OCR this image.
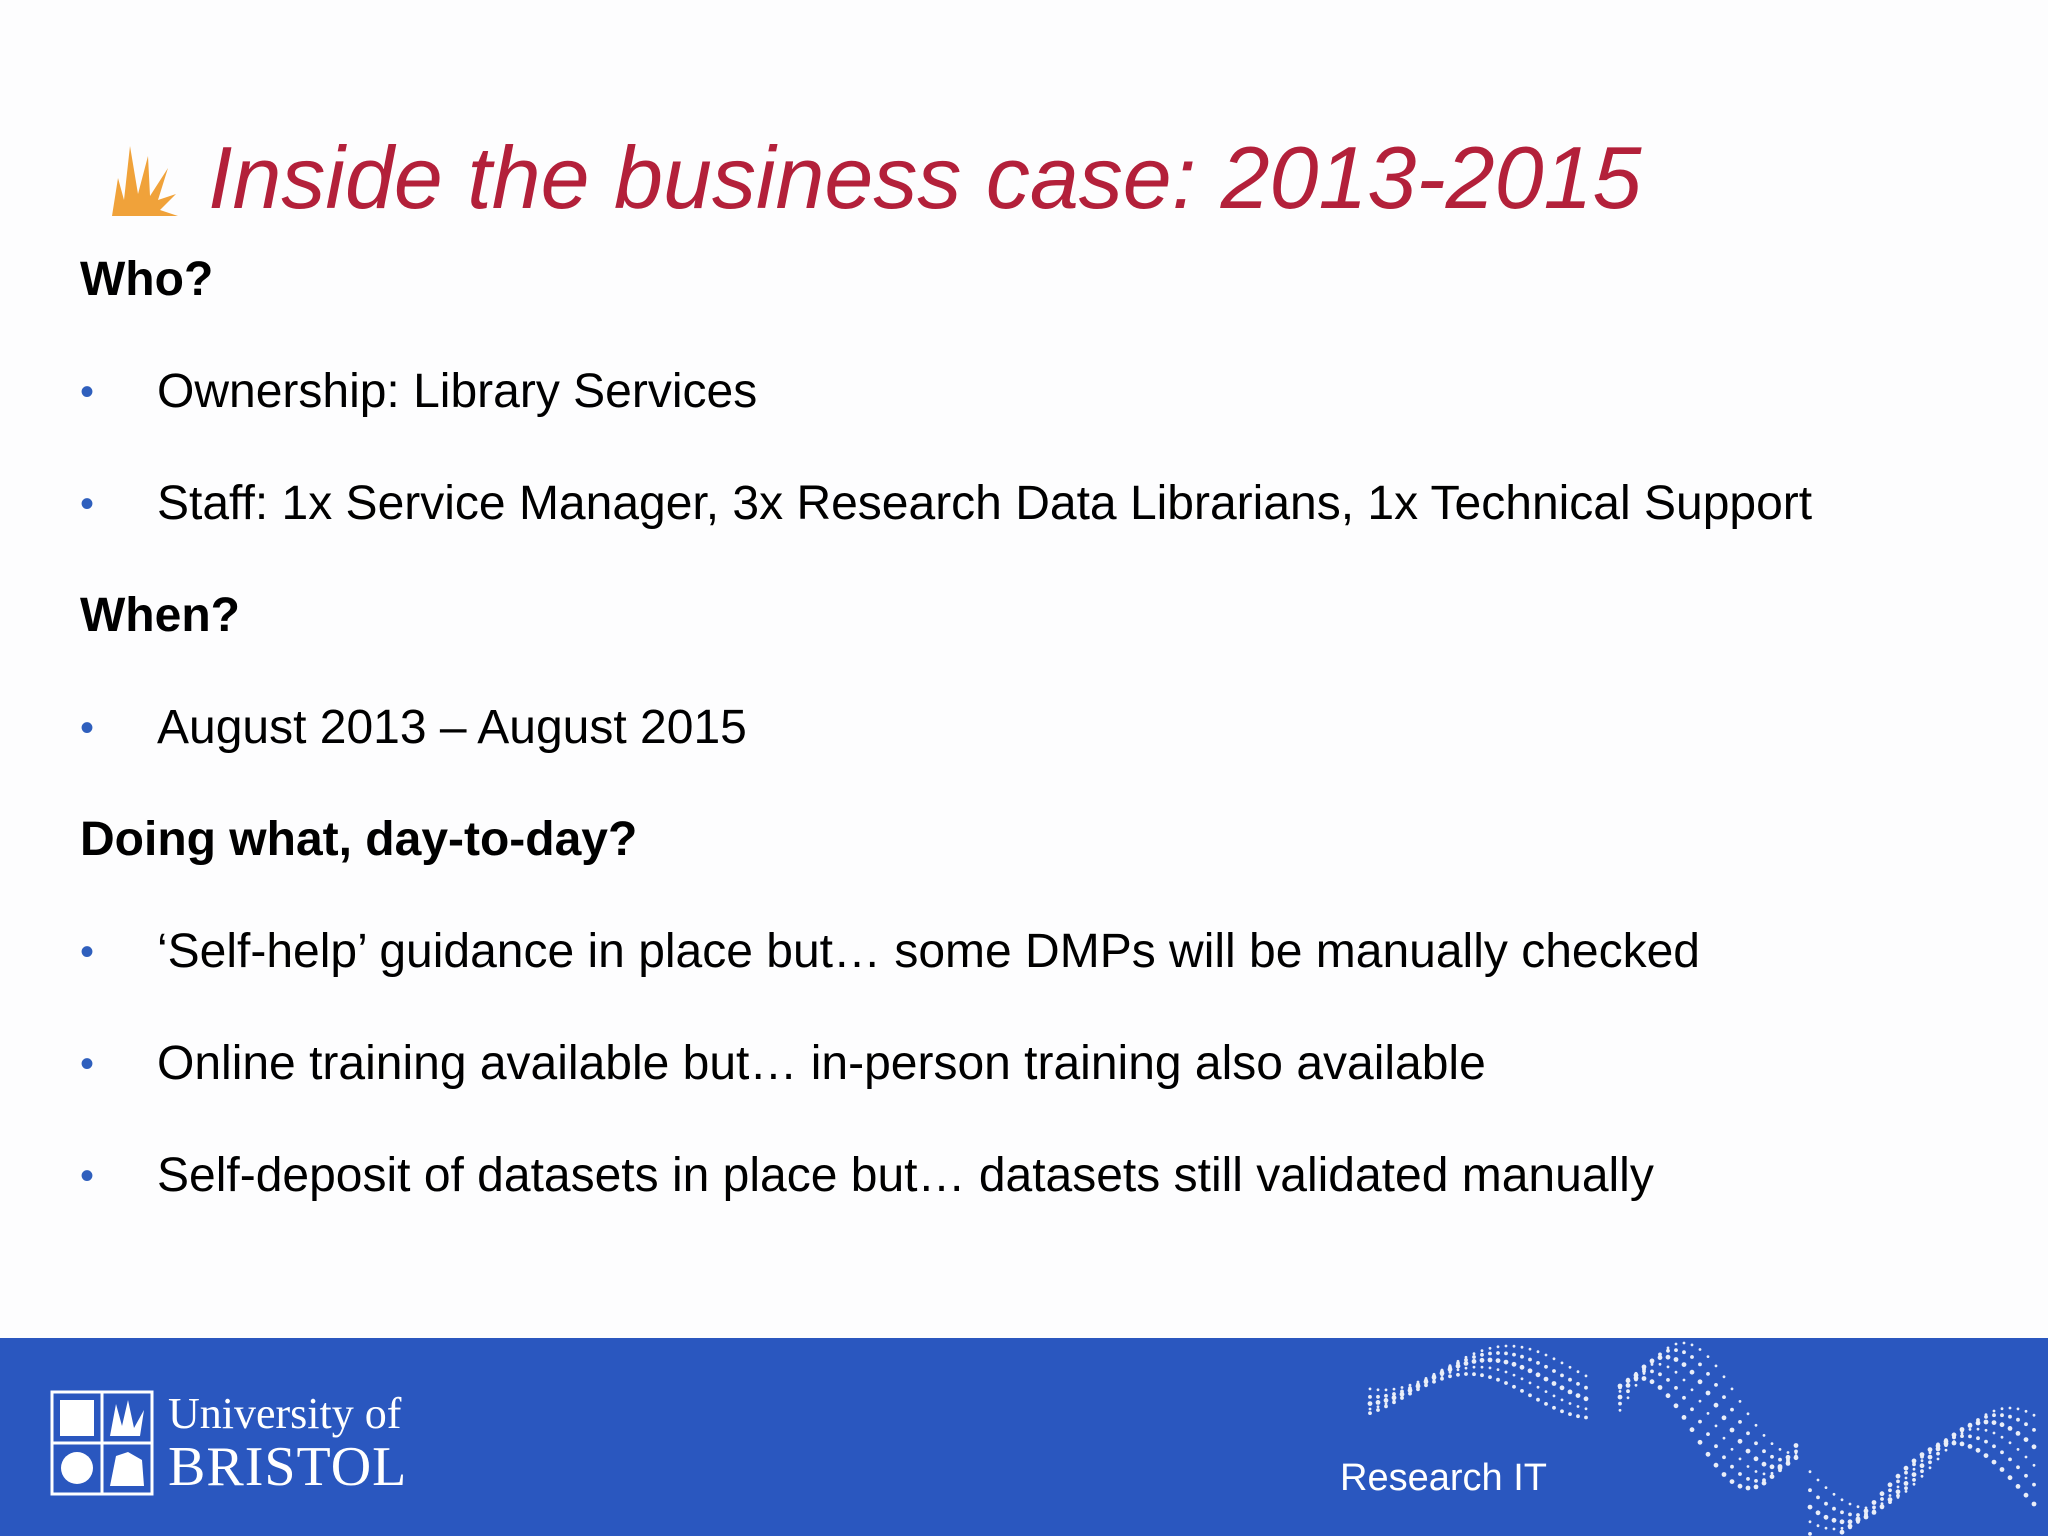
Inside the business case: 2013-2015
Who?
• Ownership: Library Services
• Staff: 1x Service Manager, 3x Research Data Librarians, 1x Technical Support
When?
• August 2013 – August 2015
Doing what, day-to-day?
• ‘Self-help’ guidance in place but… some DMPs will be manually checked
• Online training available but… in-person training also available
• Self-deposit of datasets in place but… datasets still validated manually
University of
BRISTOL	Research IT
